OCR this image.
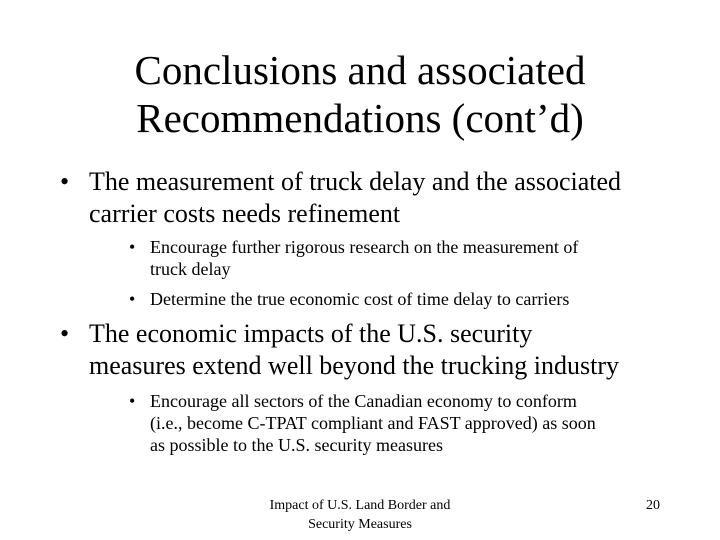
Conclusions and associated
Recommendations (cont’d)
• The measurement of truck delay and the associated
carrier costs needs refinement
• Encourage further rigorous research on the measurement of
truck delay
• Determine the true economic cost of time delay to carriers
• The economic impacts of the U.S. security
measures extend well beyond the trucking industry
• Encourage all sectors of the Canadian economy to conform
(i.e., become C-TPAT compliant and FAST approved) as soon
as possible to the U.S. security measures
Impact of U.S. Land Border and
Security Measures
20
